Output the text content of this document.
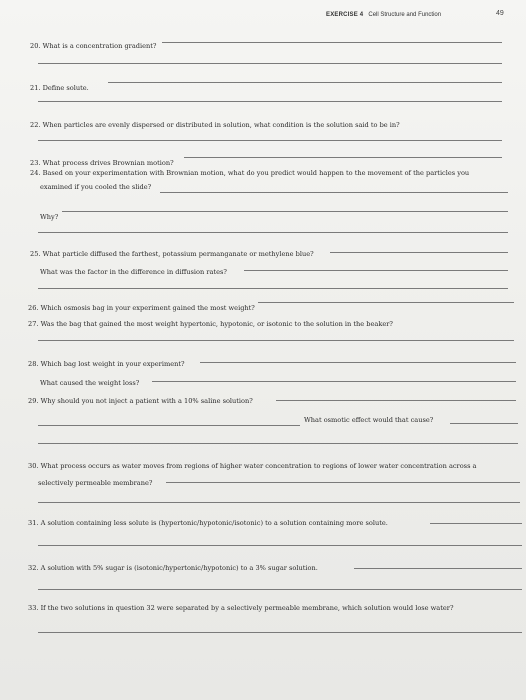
EXERCISE 4 Cell Structure and Function	49
20. What is a concentration gradient?
21. Define solute.
22. When particles are evenly dispersed or distributed in solution, what condition is the solution said to be in?
23. What process drives Brownian motion?
24. Based on your experimentation with Brownian motion, what do you predict would happen to the movement of the particles you
examined if you cooled the slide?
Why?
25. What particle diffused the farthest, potassium permanganate or methylene blue?
What was the factor in the difference in diffusion rates?
26. Which osmosis bag in your experiment gained the most weight?
27. Was the bag that gained the most weight hypertonic, hypotonic, or isotonic to the solution in the beaker?
28. Which bag lost weight in your experiment?
What caused the weight loss?
29. Why should you not inject a patient with a 10% saline solution?
What osmotic effect would that cause?
30. What process occurs as water moves from regions of higher water concentration to regions of lower water concentration across a
selectively permeable membrane?
31. A solution containing less solute is (hypertonic/hypotonic/isotonic) to a solution containing more solute.
32. A solution with 5% sugar is (isotonic/hypertonic/hypotonic) to a 3% sugar solution.
33. If the two solutions in question 32 were separated by a selectively permeable membrane, which solution would lose water?
